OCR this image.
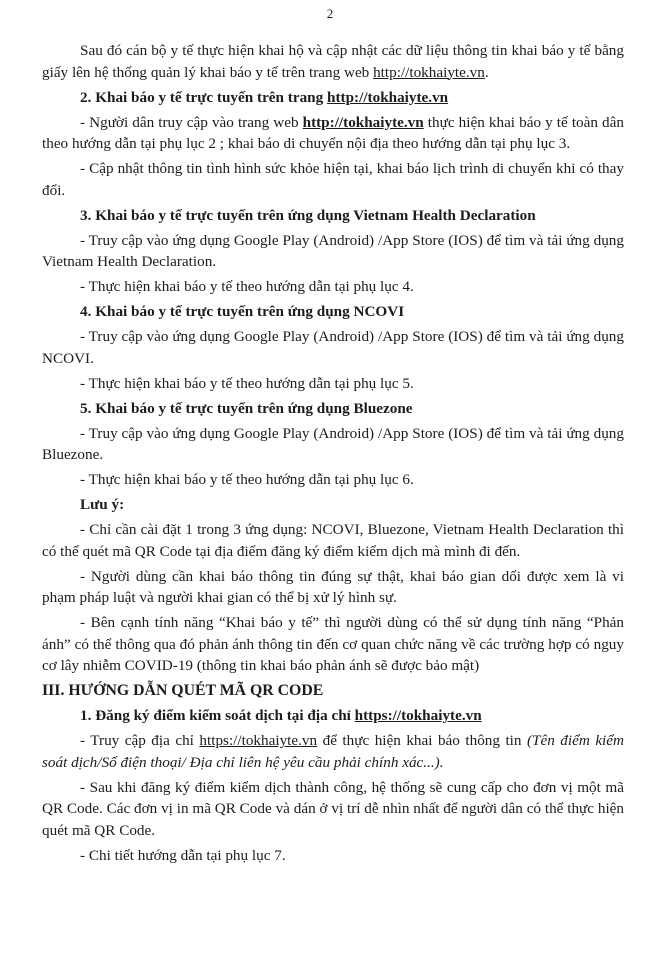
2

Sau đó cán bộ y tế thực hiện khai hộ và cập nhật các dữ liệu thông tin khai báo y tế bằng giấy lên hệ thống quản lý khai báo y tế trên trang web http://tokhaiyte.vn.

2. Khai báo y tế trực tuyến trên trang http://tokhaiyte.vn

- Người dân truy cập vào trang web http://tokhaiyte.vn thực hiện khai báo y tế toàn dân theo hướng dẫn tại phụ lục 2 ; khai báo di chuyển nội địa theo hướng dẫn tại phụ lục 3.

- Cập nhật thông tin tình hình sức khỏe hiện tại, khai báo lịch trình di chuyển khi có thay đổi.

3. Khai báo y tế trực tuyến trên ứng dụng Vietnam Health Declaration

- Truy cập vào ứng dụng Google Play (Android) /App Store (IOS) để tìm và tải ứng dụng Vietnam Health Declaration.

- Thực hiện khai báo y tế theo hướng dẫn tại phụ lục 4.

4. Khai báo y tế trực tuyến trên ứng dụng NCOVI

- Truy cập vào ứng dụng Google Play (Android) /App Store (IOS) để tìm và tải ứng dụng NCOVI.

- Thực hiện khai báo y tế theo hướng dẫn tại phụ lục 5.

5. Khai báo y tế trực tuyến trên ứng dụng Bluezone

- Truy cập vào ứng dụng Google Play (Android) /App Store (IOS) để tìm và tải ứng dụng Bluezone.

- Thực hiện khai báo y tế theo hướng dẫn tại phụ lục 6.

Lưu ý:

- Chỉ cần cài đặt 1 trong 3 ứng dụng: NCOVI, Bluezone, Vietnam Health Declaration thì có thể quét mã QR Code tại địa điểm đăng ký điểm kiểm dịch mà mình đi đến.

- Người dùng cần khai báo thông tin đúng sự thật, khai báo gian dối được xem là vi phạm pháp luật và người khai gian có thể bị xử lý hình sự.

- Bên cạnh tính năng “Khai báo y tế” thì người dùng có thể sử dụng tính năng “Phản ánh” có thể thông qua đó phản ánh thông tin đến cơ quan chức năng về các trường hợp có nguy cơ lây nhiễm COVID-19 (thông tin khai báo phản ánh sẽ được bảo mật)

III. HƯỚNG DẪN QUÉT MÃ QR CODE

1. Đăng ký điểm kiểm soát dịch tại địa chỉ https://tokhaiyte.vn

- Truy cập địa chỉ https://tokhaiyte.vn để thực hiện khai báo thông tin (Tên điểm kiểm soát dịch/Số điện thoại/ Địa chỉ liên hệ yêu cầu phải chính xác...).

- Sau khi đăng ký điểm kiểm dịch thành công, hệ thống sẽ cung cấp cho đơn vị một mã QR Code. Các đơn vị in mã QR Code và dán ở vị trí dễ nhìn nhất để người dân có thể thực hiện quét mã QR Code.

- Chi tiết hướng dẫn tại phụ lục 7.
